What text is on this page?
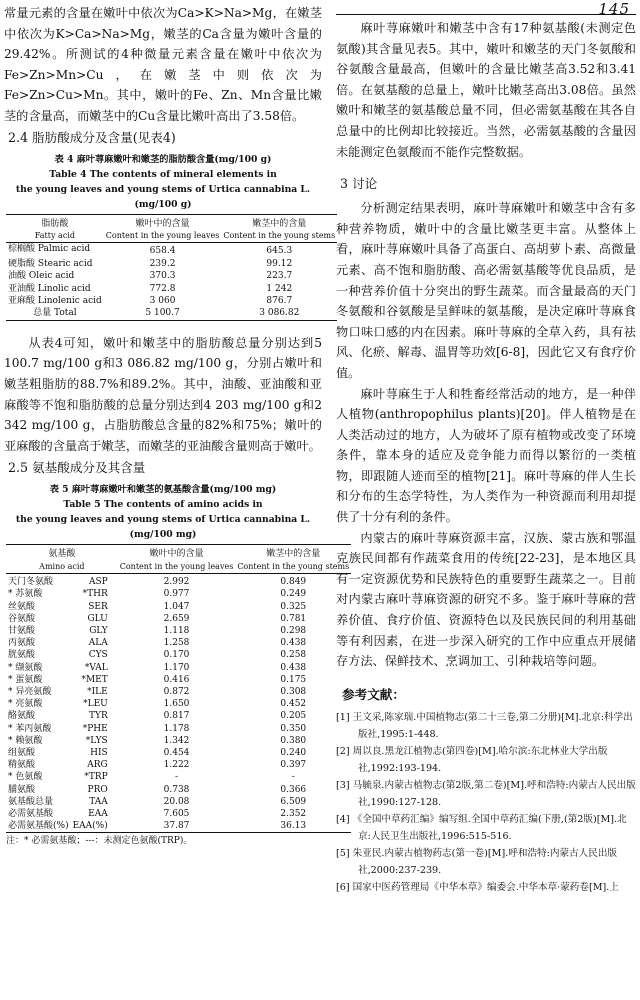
145

常量元素的含量在嫩叶中依次为Ca>K>Na>Mg，在嫩茎中依次为K>Ca>Na>Mg，嫩茎的Ca含量为嫩叶含量的29.42%。所测试的4种微量元素含量在嫩叶中依次为Fe>Zn>Mn>Cu，在嫩茎中则依次为Fe>Zn>Cu>Mn。其中，嫩叶的Fe、Zn、Mn含量比嫩茎的含量高，而嫩茎中的Cu含量比嫩叶高出了3.58倍。

2.4 脂肪酸成分及含量(见表4)

表 4 麻叶荨麻嫩叶和嫩茎的脂肪酸含量(mg/100 g)

Table 4 The contents of mineral elements in

the young leaves and young stems of Urtica cannabina L.(mg/100 g)

脂肪酸
Fatty acid	嫩叶中的含量
Content in the young leaves	嫩茎中的含量
Content in the young stems
棕榈酸 Palmic acid	658.4	645.3
硬脂酸 Stearic acid	239.2	99.12
油酸 Oleic acid	370.3	223.7
亚油酸 Linolic acid	772.8	1 242
亚麻酸 Linolenic acid	3 060	876.7
总量 Total	5 100.7	3 086.82

从表4可知，嫩叶和嫩茎中的脂肪酸总量分别达到5 100.7 mg/100 g和3 086.82 mg/100 g，分别占嫩叶和嫩茎粗脂肪的88.7%和89.2%。其中，油酸、亚油酸和亚麻酸等不饱和脂肪酸的总量分别达到4 203 mg/100 g和2 342 mg/100 g，占脂肪酸总含量的82%和75%；嫩叶的亚麻酸的含量高于嫩茎，而嫩茎的亚油酸含量则高于嫩叶。

2.5 氨基酸成分及其含量

表 5 麻叶荨麻嫩叶和嫩茎的氨基酸含量(mg/100 mg)

Table 5 The contents of amino acids in

the young leaves and young stems of Urtica cannabina L.(mg/100 mg)

氨基酸
Amino acid		嫩叶中的含量
Content in the young leaves	嫩茎中的含量
Content in the young stems
天门冬氨酸	ASP	2.992	0.849
* 苏氨酸	*THR	0.977	0.249
丝氨酸	SER	1.047	0.325
谷氨酸	GLU	2.659	0.781
甘氨酸	GLY	1.118	0.298
丙氨酸	ALA	1.258	0.438
胱氨酸	CYS	0.170	0.258
* 缬氨酸	*VAL	1.170	0.438
* 蛋氨酸	*MET	0.416	0.175
* 异亮氨酸	*ILE	0.872	0.308
* 亮氨酸	*LEU	1.650	0.452
酪氨酸	TYR	0.817	0.205
* 苯丙氨酸	*PHE	1.178	0.350
* 赖氨酸	*LYS	1.342	0.380
组氨酸	HIS	0.454	0.240
精氨酸	ARG	1.222	0.397
* 色氨酸	*TRP	-	-
脯氨酸	PRO	0.738	0.366
氨基酸总量	TAA	20.08	6.509
必需氨基酸	EAA	7.605	2.352
必需氨基酸(%)	EAA(%)	37.87	36.13

注：* 必需氨基酸；---：未测定色氨酸(TRP)。

麻叶荨麻嫩叶和嫩茎中含有17种氨基酸(未测定色氨酸)其含量见表5。其中，嫩叶和嫩茎的天门冬氨酸和谷氨酸含量最高，但嫩叶的含量比嫩茎高3.52和3.41倍。在氨基酸的总量上，嫩叶比嫩茎高出3.08倍。虽然嫩叶和嫩茎的氨基酸总量不同，但必需氨基酸在其各自总量中的比例却比较接近。当然，必需氨基酸的含量因未能测定色氨酸而不能作完整数据。

3 讨论

分析测定结果表明，麻叶荨麻嫩叶和嫩茎中含有多种营养物质，嫩叶中的含量比嫩茎更丰富。从整体上看，麻叶荨麻嫩叶具备了高蛋白、高胡萝卜素、高微量元素、高不饱和脂肪酸、高必需氨基酸等优良品质，是一种营养价值十分突出的野生蔬菜。而含量最高的天门冬氨酸和谷氨酸是呈鲜味的氨基酸，是决定麻叶荨麻食物口味口感的内在因素。麻叶荨麻的全草入药，具有祛风、化瘀、解毒、温胃等功效[6-8]，因此它又有食疗价值。

麻叶荨麻生于人和牲畜经常活动的地方，是一种伴人植物(anthropophilus plants)[20]。伴人植物是在人类活动过的地方，人为破坏了原有植物或改变了环境条件，靠本身的适应及竞争能力而得以繁衍的一类植物，即跟随人迹而至的植物[21]。麻叶荨麻的伴人生长和分布的生态学特性，为人类作为一种资源而利用却提供了十分有利的条件。

内蒙古的麻叶荨麻资源丰富，汉族、蒙古族和鄂温克族民间都有作蔬菜食用的传统[22-23]，是本地区具有一定资源优势和民族特色的重要野生蔬菜之一。目前对内蒙古麻叶荨麻资源的研究不多。鉴于麻叶荨麻的营养价值、食疗价值、资源特色以及民族民间的利用基础等有利因素，在进一步深入研究的工作中应重点开展储存方法、保鲜技术、烹调加工、引种栽培等问题。

参考文献：

[1] 王文采,陈家瑞.中国植物志(第二十三卷,第二分册)[M].北京:科学出版社,1995:1-448.

[2] 周以良.黑龙江植物志(第四卷)[M].哈尔滨:东北林业大学出版社,1992:193-194.

[3] 马毓泉.内蒙古植物志(第2版,第二卷)[M].呼和浩特:内蒙古人民出版社,1990:127-128.

[4] 《全国中草药汇编》编写组.全国中草药汇编(下册,(第2版)[M].北京:人民卫生出版社,1996:515-516.

[5] 朱亚民.内蒙古植物药志(第一卷)[M].呼和浩特:内蒙古人民出版社,2000:237-239.

[6] 国家中医药管理局《中华本草》编委会.中华本草·蒙药卷[M].上
